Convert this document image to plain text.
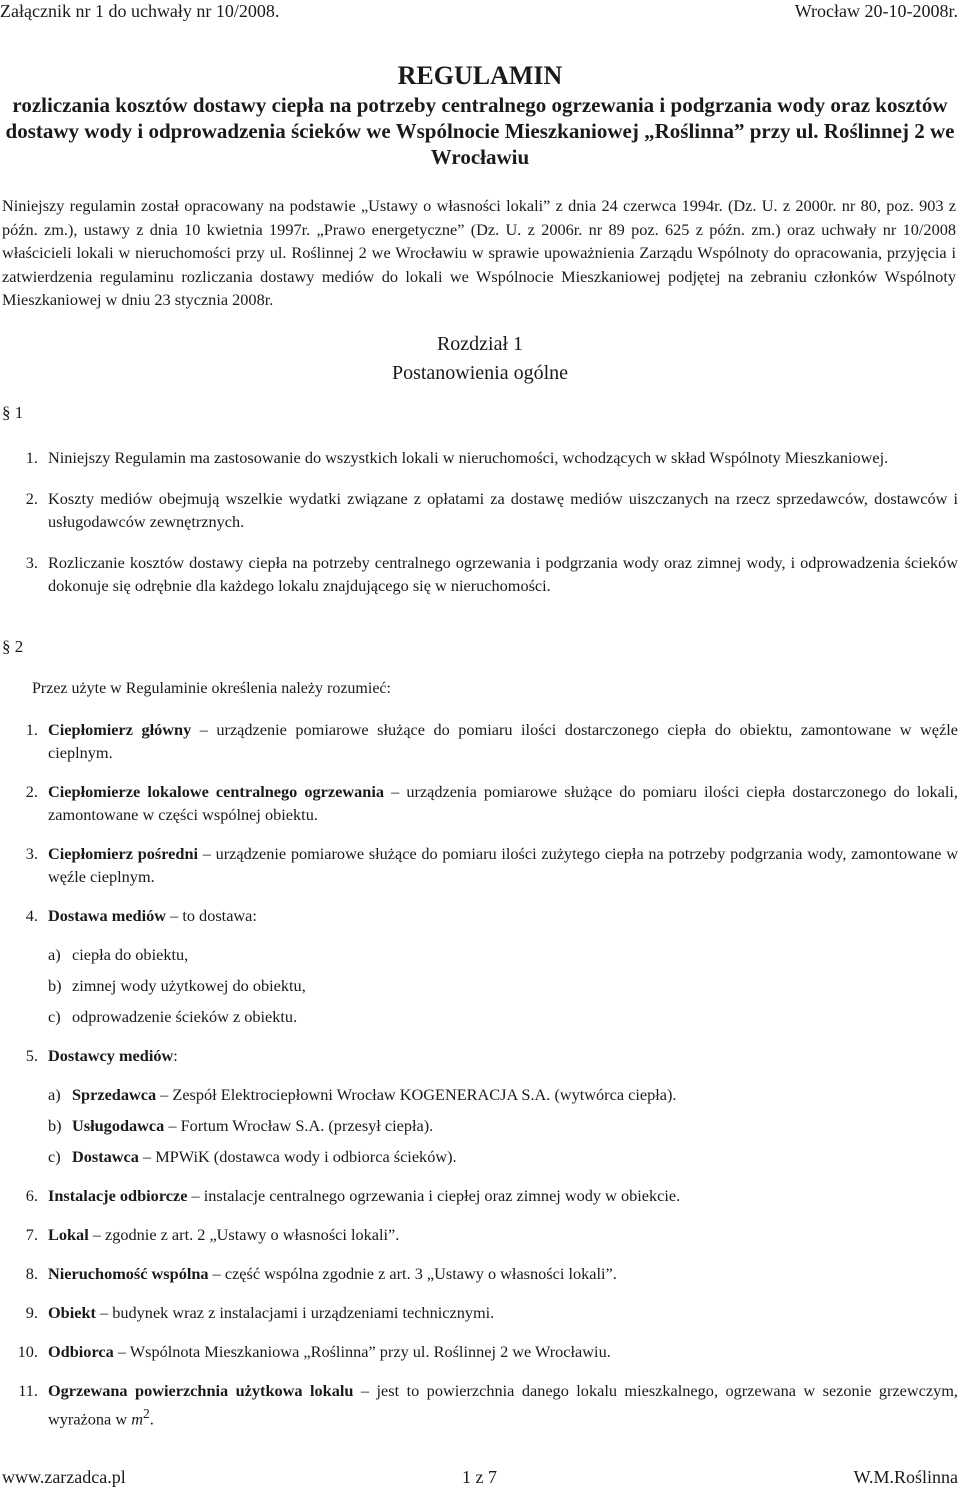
Załącznik nr 1 do uchwały nr 10/2008.	Wrocław 20-10-2008r.
REGULAMIN
rozliczania kosztów dostawy ciepła na potrzeby centralnego ogrzewania i podgrzania wody oraz kosztów dostawy wody i odprowadzenia ścieków we Wspólnocie Mieszkaniowej „Roślinna” przy ul. Roślinnej 2 we Wrocławiu
Niniejszy regulamin został opracowany na podstawie „Ustawy o własności lokali” z dnia 24 czerwca 1994r. (Dz. U. z 2000r. nr 80, poz. 903 z późn. zm.), ustawy z dnia 10 kwietnia 1997r. „Prawo energetyczne” (Dz. U. z 2006r. nr 89 poz. 625 z późn. zm.) oraz uchwały nr 10/2008 właścicieli lokali w nieruchomości przy ul. Roślinnej 2 we Wrocławiu w sprawie upoważnienia Zarządu Wspólnoty do opracowania, przyjęcia i zatwierdzenia regulaminu rozliczania dostawy mediów do lokali we Wspólnocie Mieszkaniowej podjętej na zebraniu członków Wspólnoty Mieszkaniowej w dniu 23 stycznia 2008r.
Rozdział 1
Postanowienia ogólne
§ 1
1. Niniejszy Regulamin ma zastosowanie do wszystkich lokali w nieruchomości, wchodzących w skład Wspólnoty Mieszkaniowej.
2. Koszty mediów obejmują wszelkie wydatki związane z opłatami za dostawę mediów uiszczanych na rzecz sprzedawców, dostawców i usługodawców zewnętrznych.
3. Rozliczanie kosztów dostawy ciepła na potrzeby centralnego ogrzewania i podgrzania wody oraz zimnej wody, i odprowadzenia ścieków dokonuje się odrębnie dla każdego lokalu znajdującego się w nieruchomości.
§ 2
Przez użyte w Regulaminie określenia należy rozumieć:
1. Ciepłomierz główny – urządzenie pomiarowe służące do pomiaru ilości dostarczonego ciepła do obiektu, zamontowane w węźle cieplnym.
2. Ciepłomierze lokalowe centralnego ogrzewania – urządzenia pomiarowe służące do pomiaru ilości ciepła dostarczonego do lokali, zamontowane w części wspólnej obiektu.
3. Ciepłomierz pośredni – urządzenie pomiarowe służące do pomiaru ilości zużytego ciepła na potrzeby podgrzania wody, zamontowane w węźle cieplnym.
4. Dostawa mediów – to dostawa:
a) ciepła do obiektu,
b) zimnej wody użytkowej do obiektu,
c) odprowadzenie ścieków z obiektu.
5. Dostawcy mediów:
a) Sprzedawca – Zespół Elektrociepłowni Wrocław KOGENERACJA S.A. (wytwórca ciepła).
b) Usługodawca – Fortum Wrocław S.A. (przesył ciepła).
c) Dostawca – MPWiK (dostawca wody i odbiorca ścieków).
6. Instalacje odbiorcze – instalacje centralnego ogrzewania i ciepłej oraz zimnej wody w obiekcie.
7. Lokal – zgodnie z art. 2 „Ustawy o własności lokali”.
8. Nieruchomość wspólna – część wspólna zgodnie z art. 3 „Ustawy o własności lokali”.
9. Obiekt – budynek wraz z instalacjami i urządzeniami technicznymi.
10. Odbiorca – Wspólnota Mieszkaniowa „Roślinna” przy ul. Roślinnej 2 we Wrocławiu.
11. Ogrzewana powierzchnia użytkowa lokalu – jest to powierzchnia danego lokalu mieszkalnego, ogrzewana w sezonie grzewczym, wyrażona w $m^2$.
www.zarzadca.pl	1 z 7	W.M.Roślinna
